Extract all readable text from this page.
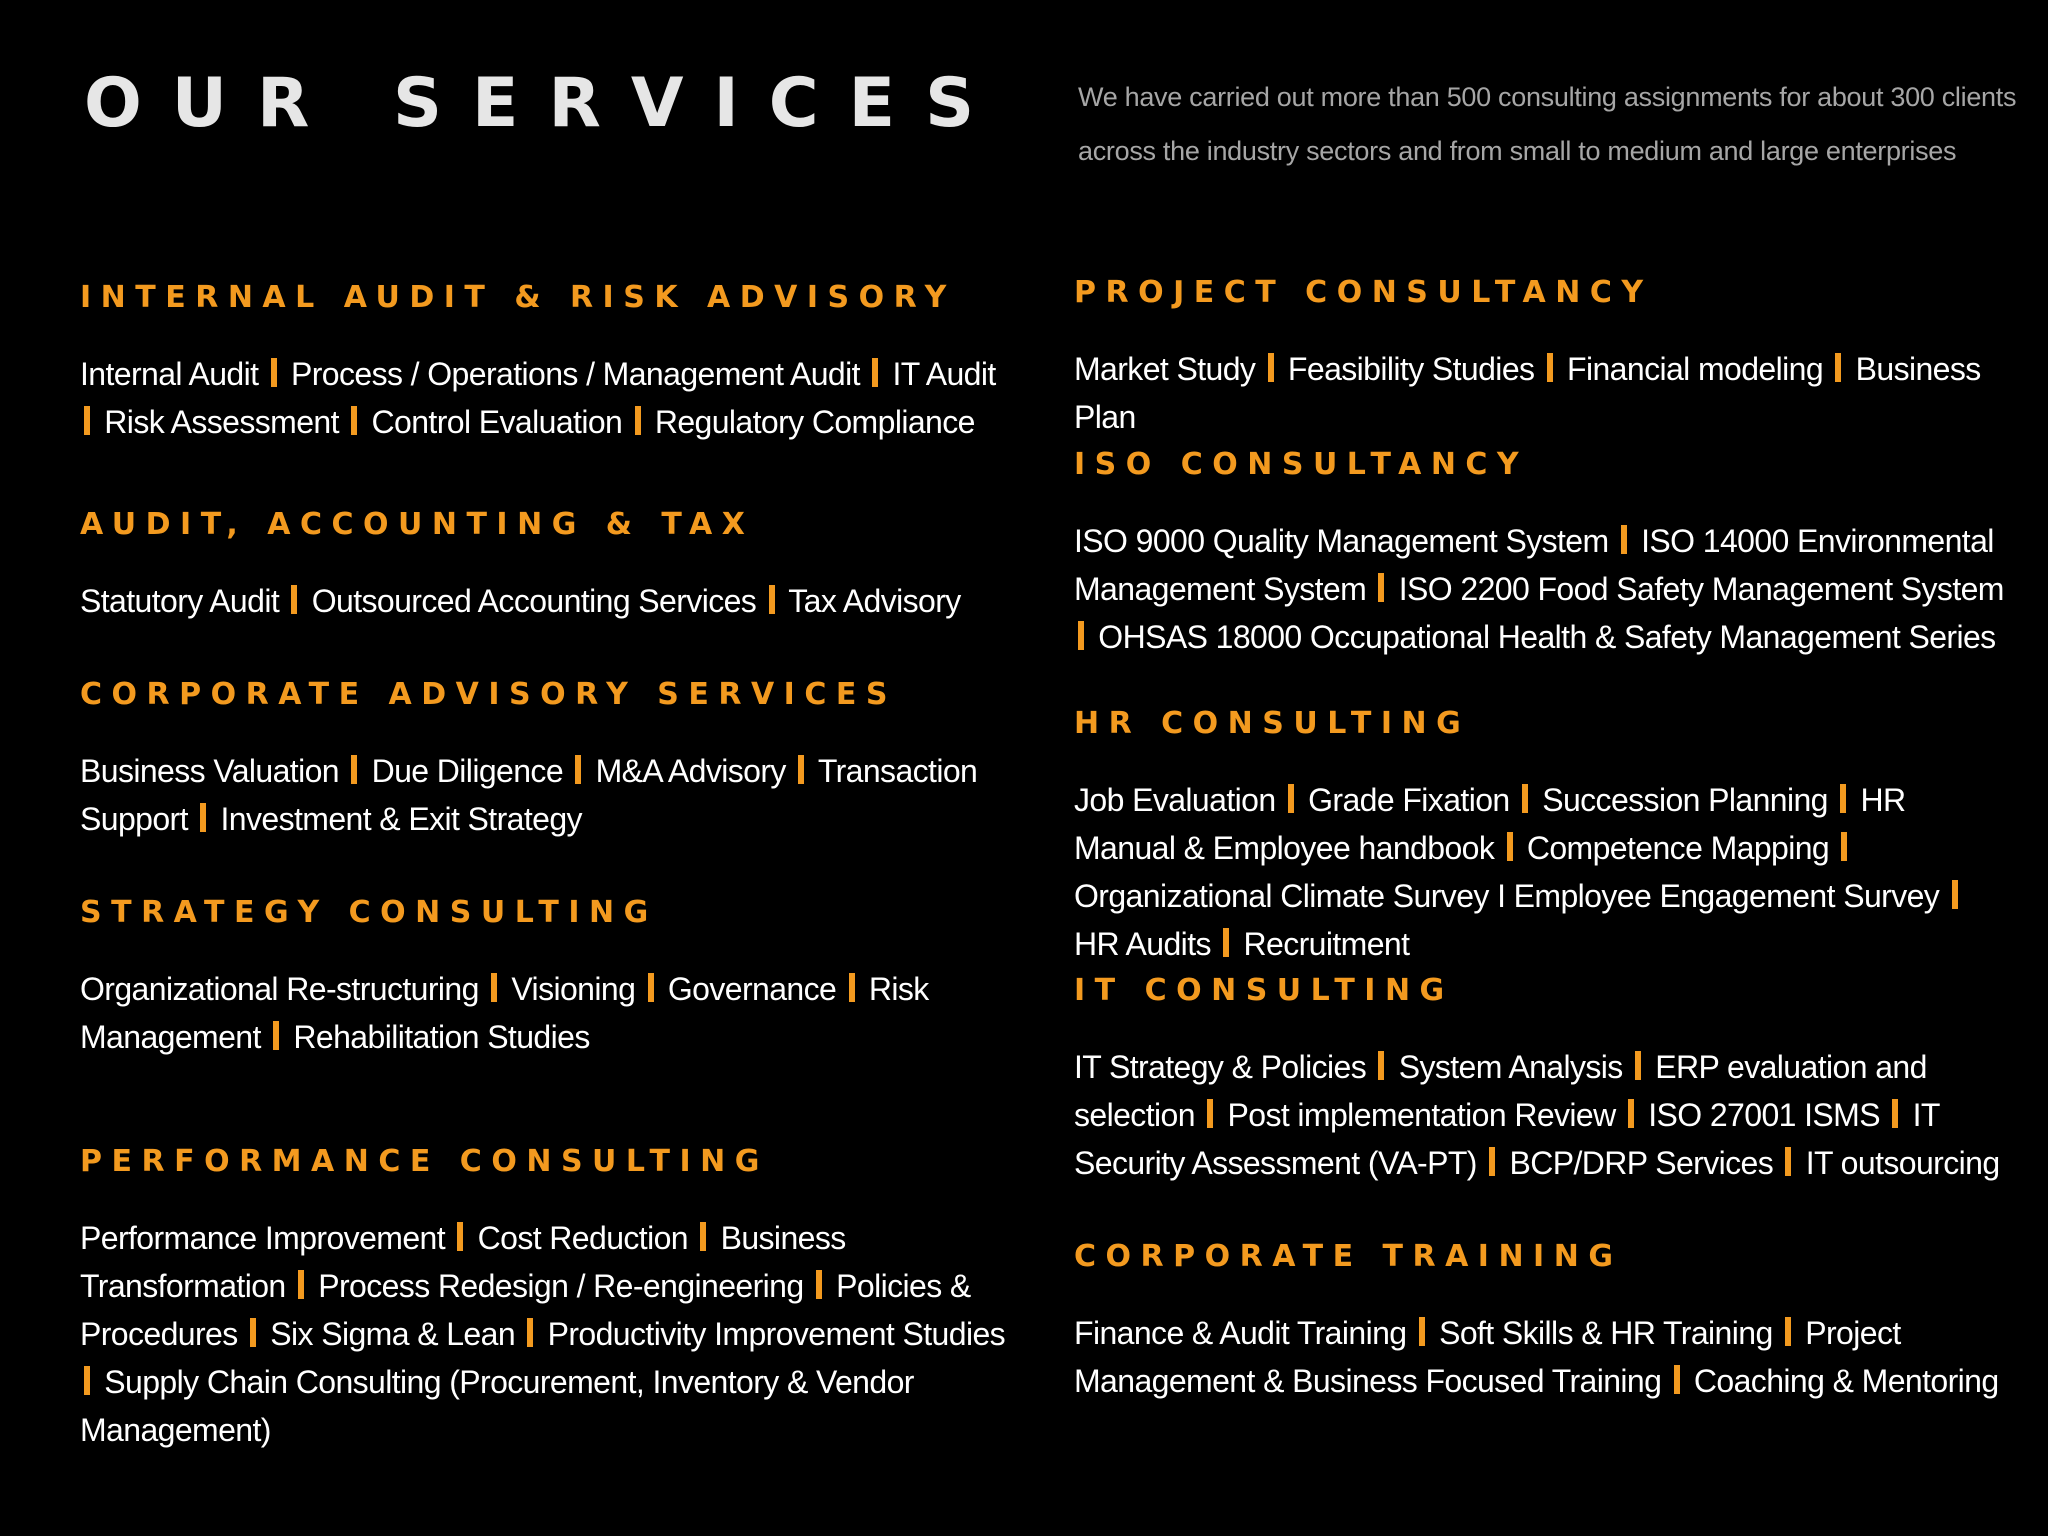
OUR SERVICES	We have carried out more than 500 consulting assignments for about 300 clients
across the industry sectors and from small to medium and large enterprises
INTERNAL AUDIT & RISK ADVISORY

Internal Audit Process / Operations / Management Audit IT Audit  Risk Assessment Control Evaluation Regulatory Compliance

AUDIT, ACCOUNTING & TAX

Statutory Audit Outsourced Accounting Services Tax Advisory

CORPORATE ADVISORY SERVICES

Business Valuation Due Diligence M&A Advisory Transaction Support Investment & Exit Strategy

STRATEGY CONSULTING

Organizational Re-structuring Visioning Governance Risk Management Rehabilitation Studies

PERFORMANCE CONSULTING

Performance Improvement Cost Reduction Business Transformation Process Redesign / Re-engineering Policies & Procedures Six Sigma & Lean Productivity Improvement Studies  Supply Chain Consulting (Procurement, Inventory & Vendor Management)

PROJECT CONSULTANCY

Market Study Feasibility Studies Financial modeling Business Plan

ISO CONSULTANCY

ISO 9000 Quality Management System ISO 14000 Environmental Management System ISO 2200 Food Safety Management System  OHSAS 18000 Occupational Health & Safety Management Series

HR CONSULTING

Job Evaluation Grade Fixation Succession Planning HR Manual & Employee handbook Competence Mapping  Organizational Climate Survey I Employee Engagement Survey  HR Audits Recruitment

IT CONSULTING

IT Strategy & Policies System Analysis ERP evaluation and selection Post implementation Review ISO 27001 ISMS IT Security Assessment (VA-PT) BCP/DRP Services IT outsourcing

CORPORATE TRAINING

Finance & Audit Training Soft Skills & HR Training Project Management & Business Focused Training Coaching & Mentoring
